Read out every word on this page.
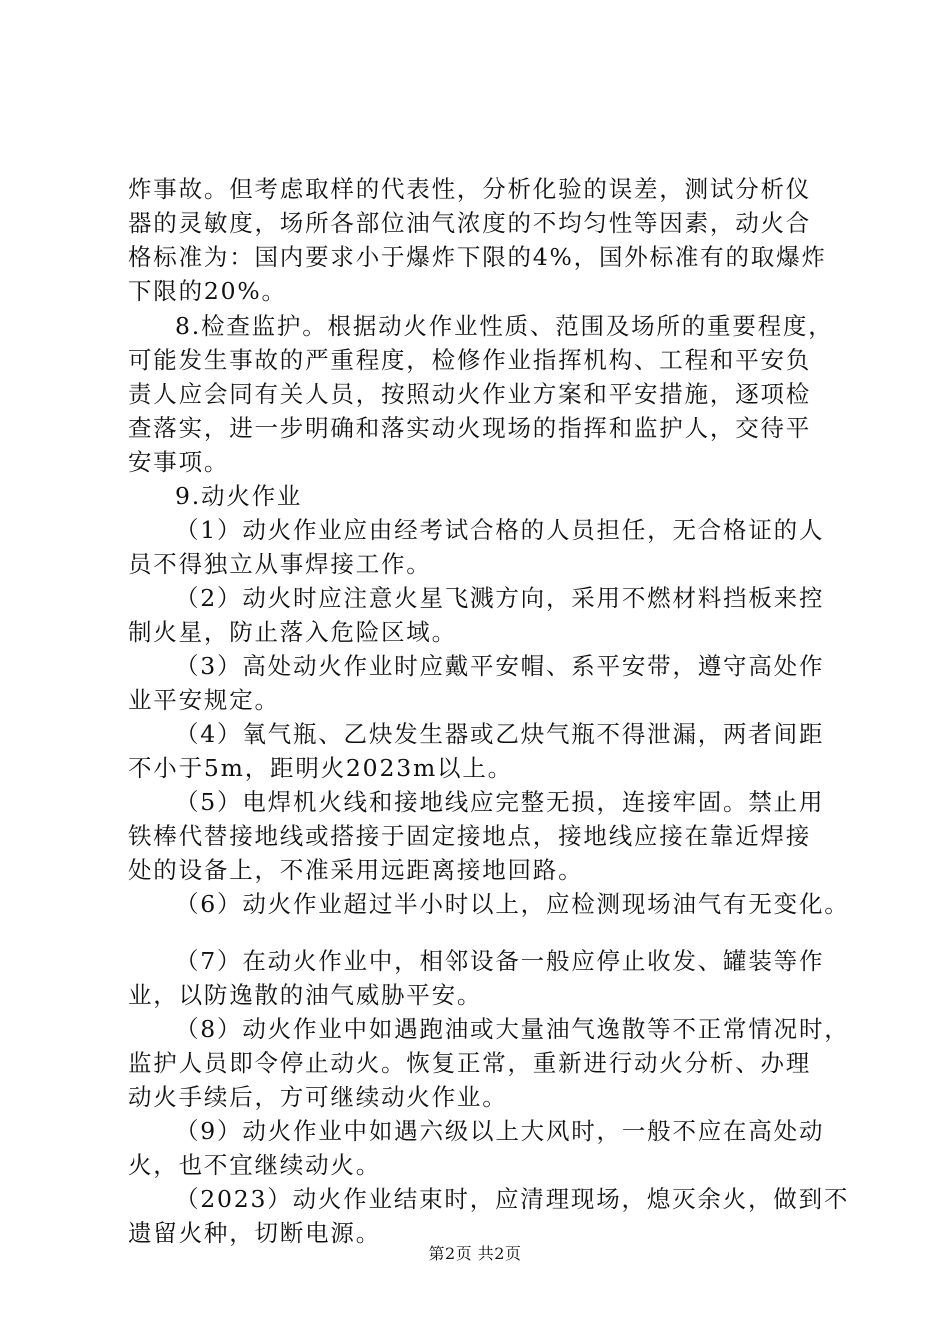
炸事故。但考虑取样的代表性，分析化验的误差，测试分析仪
器的灵敏度，场所各部位油气浓度的不均匀性等因素，动火合
格标准为：国内要求小于爆炸下限的4%，国外标准有的取爆炸
下限的20%。
8.检查监护。根据动火作业性质、范围及场所的重要程度，
可能发生事故的严重程度，检修作业指挥机构、工程和平安负
责人应会同有关人员，按照动火作业方案和平安措施，逐项检
查落实，进一步明确和落实动火现场的指挥和监护人，交待平
安事项。
9.动火作业
（1）动火作业应由经考试合格的人员担任，无合格证的人
员不得独立从事焊接工作。
（2）动火时应注意火星飞溅方向，采用不燃材料挡板来控
制火星，防止落入危险区域。
（3）高处动火作业时应戴平安帽、系平安带，遵守高处作
业平安规定。
（4）氧气瓶、乙炔发生器或乙炔气瓶不得泄漏，两者间距
不小于5m，距明火2023m以上。
（5）电焊机火线和接地线应完整无损，连接牢固。禁止用
铁棒代替接地线或搭接于固定接地点，接地线应接在靠近焊接
处的设备上，不准采用远距离接地回路。
（6）动火作业超过半小时以上，应检测现场油气有无变化。
（7）在动火作业中，相邻设备一般应停止收发、罐装等作
业，以防逸散的油气威胁平安。
（8）动火作业中如遇跑油或大量油气逸散等不正常情况时，
监护人员即令停止动火。恢复正常，重新进行动火分析、办理
动火手续后，方可继续动火作业。
（9）动火作业中如遇六级以上大风时，一般不应在高处动
火，也不宜继续动火。
（2023）动火作业结束时，应清理现场，熄灭余火，做到不
遗留火种，切断电源。
第2页 共2页
